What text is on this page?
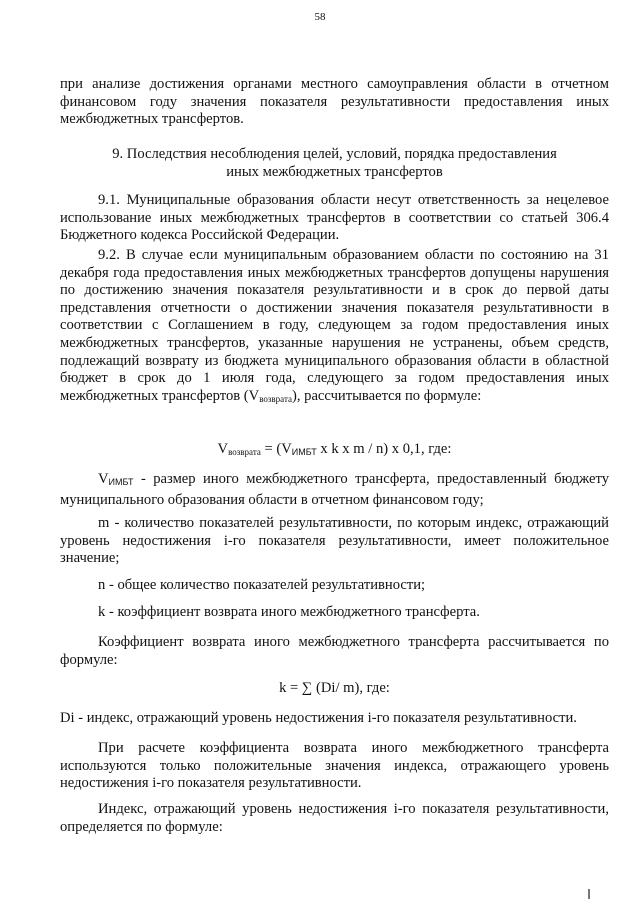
58
при анализе достижения органами местного самоуправления области в отчетном финансовом году значения показателя результативности предоставления иных межбюджетных трансфертов.
9. Последствия несоблюдения целей, условий, порядка предоставления
иных межбюджетных трансфертов
9.1. Муниципальные образования области несут ответственность за нецелевое использование иных межбюджетных трансфертов в соответствии со статьей 306.4 Бюджетного кодекса Российской Федерации.
9.2. В случае если муниципальным образованием области по состоянию на 31 декабря года предоставления иных межбюджетных трансфертов допущены нарушения по достижению значения показателя результативности и в срок до первой даты представления отчетности о достижении значения показателя результативности в соответствии с Соглашением в году, следующем за годом предоставления иных межбюджетных трансфертов, указанные нарушения не устранены, объем средств, подлежащий возврату из бюджета муниципального образования области в областной бюджет в срок до 1 июля года, следующего за годом предоставления иных межбюджетных трансфертов $(V_{возврата})$, рассчитывается по формуле:
$V_{возврата} = (V_{ИМБТ}$ x k x m / n) x 0,1, где:
$V_{ИМБТ}$ - размер иного межбюджетного трансферта, предоставленный бюджету муниципального образования области в отчетном финансовом году;
m - количество показателей результативности, по которым индекс, отражающий уровень недостижения i-го показателя результативности, имеет положительное значение;
n - общее количество показателей результативности;
k - коэффициент возврата иного межбюджетного трансферта.
Коэффициент возврата иного межбюджетного трансферта рассчитывается по формуле:
k = ∑ (Di/ m), где:
Di - индекс, отражающий уровень недостижения i-го показателя результативности.
При расчете коэффициента возврата иного межбюджетного трансферта используются только положительные значения индекса, отражающего уровень недостижения i-го показателя результативности.
Индекс, отражающий уровень недостижения i-го показателя результативности, определяется по формуле:
